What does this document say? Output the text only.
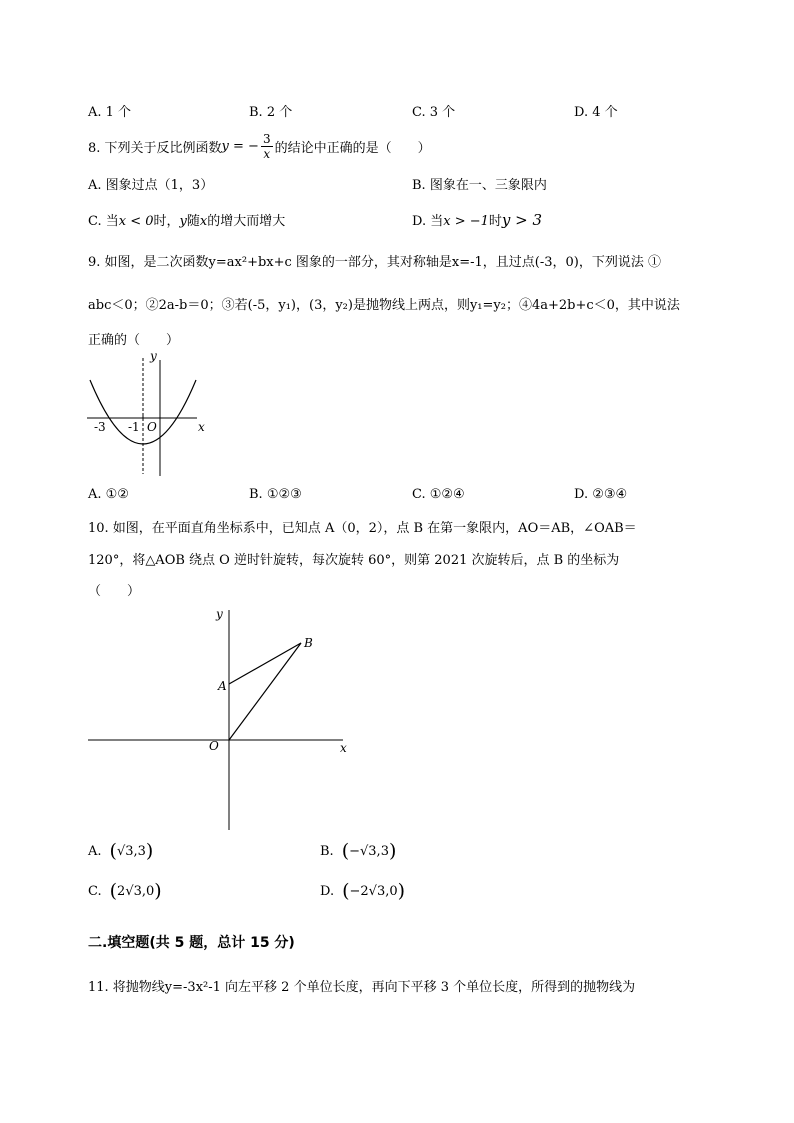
A. 1 个	B. 2 个	C. 3 个	D. 4 个
8. 下列关于反比例函数 y = − $\frac{3}{x}$ 的结论中正确的是（　　）
A. 图象过点（1，3）	B. 图象在一、三象限内
C. 当x < 0时，y随x的增大而增大	D. 当x > −1时y > 3
9. 如图，是二次函数y=ax²+bx+c 图象的一部分，其对称轴是x=-1，且过点(-3，0)，下列说法 ①
abc＜0；②2a-b＝0；③若(-5，y₁)，(3，y₂)是抛物线上两点，则y₁=y₂；④4a+2b+c＜0，其中说法
正确的（　　）
y
x
O
-3 -1
A. ①②	B. ①②③	C. ①②④	D. ②③④
10. 如图，在平面直角坐标系中，已知点 A（0，2），点 B 在第一象限内，AO＝AB，∠OAB＝
120°，将△AOB 绕点 O 逆时针旋转，每次旋转 60°，则第 2021 次旋转后，点 B 的坐标为
（　　）
y
x
O
A
B
A. ( √3,3 )	B. ( −√3,3 )
C. ( 2√3,0 )	D. ( −2√3,0 )
二.填空题(共 5 题，总计 15 分)
11. 将抛物线y=-3x²-1 向左平移 2 个单位长度，再向下平移 3 个单位长度，所得到的抛物线为
